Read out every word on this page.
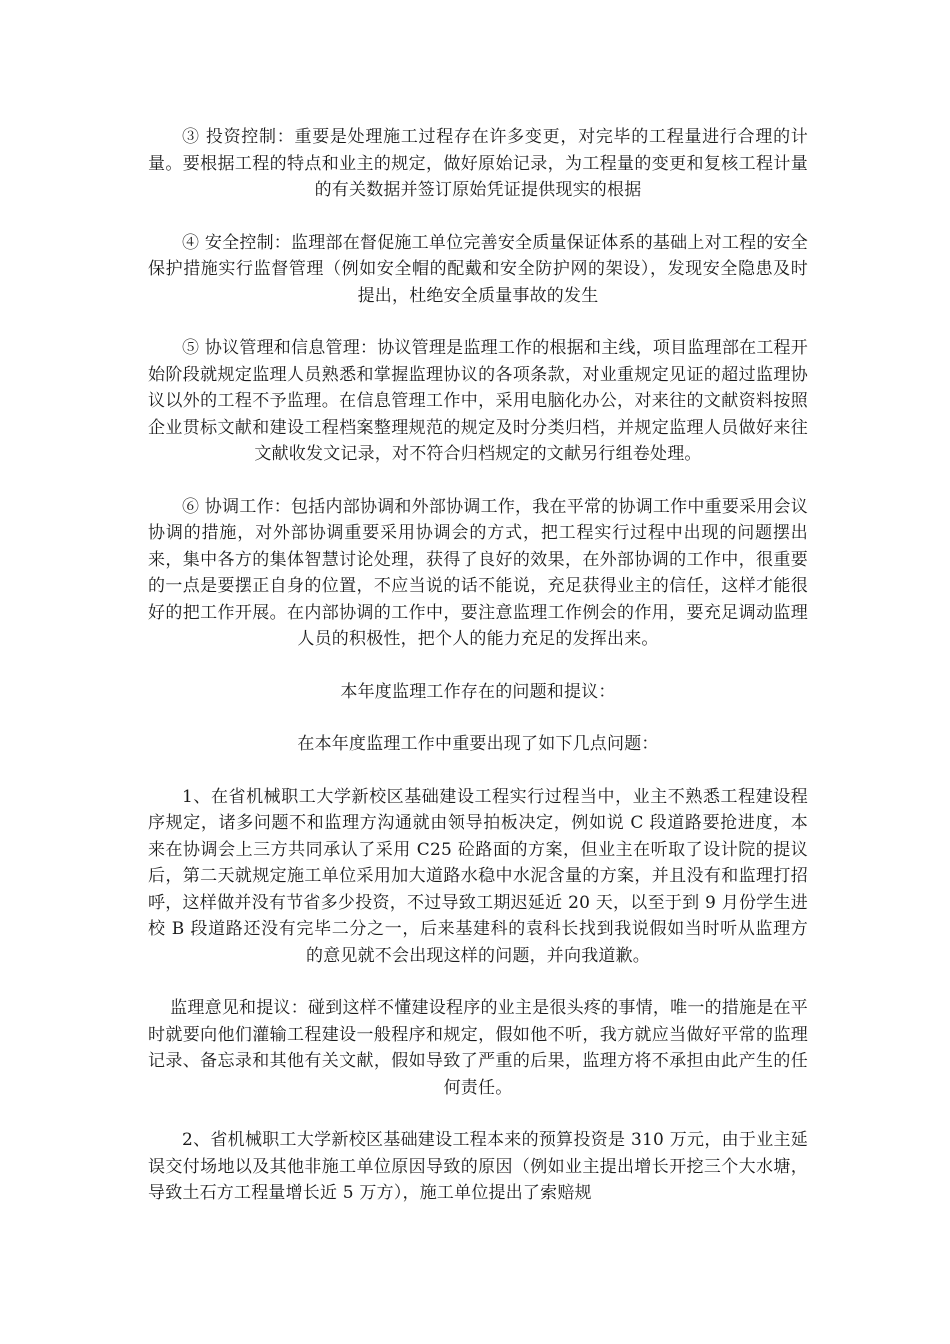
③ 投资控制：重要是处理施工过程存在许多变更，对完毕的工程量进行合理的计量。要根据工程的特点和业主的规定，做好原始记录，为工程量的变更和复核工程计量的有关数据并签订原始凭证提供现实的根据

④ 安全控制：监理部在督促施工单位完善安全质量保证体系的基础上对工程的安全保护措施实行监督管理（例如安全帽的配戴和安全防护网的架设），发现安全隐患及时提出，杜绝安全质量事故的发生

⑤ 协议管理和信息管理：协议管理是监理工作的根据和主线，项目监理部在工程开始阶段就规定监理人员熟悉和掌握监理协议的各项条款，对业重规定见证的超过监理协议以外的工程不予监理。在信息管理工作中，采用电脑化办公，对来往的文献资料按照企业贯标文献和建设工程档案整理规范的规定及时分类归档，并规定监理人员做好来往文献收发文记录，对不符合归档规定的文献另行组卷处理。

⑥ 协调工作：包括内部协调和外部协调工作，我在平常的协调工作中重要采用会议协调的措施，对外部协调重要采用协调会的方式，把工程实行过程中出现的问题摆出来，集中各方的集体智慧讨论处理，获得了良好的效果，在外部协调的工作中，很重要的一点是要摆正自身的位置，不应当说的话不能说，充足获得业主的信任，这样才能很好的把工作开展。在内部协调的工作中，要注意监理工作例会的作用，要充足调动监理人员的积极性，把个人的能力充足的发挥出来。

本年度监理工作存在的问题和提议：

在本年度监理工作中重要出现了如下几点问题：

1、在省机械职工大学新校区基础建设工程实行过程当中，业主不熟悉工程建设程序规定，诸多问题不和监理方沟通就由领导拍板决定，例如说 C 段道路要抢进度，本来在协调会上三方共同承认了采用 C25 砼路面的方案，但业主在听取了设计院的提议后，第二天就规定施工单位采用加大道路水稳中水泥含量的方案，并且没有和监理打招呼，这样做并没有节省多少投资，不过导致工期迟延近 20 天，以至于到 9 月份学生进校 B 段道路还没有完毕二分之一，后来基建科的袁科长找到我说假如当时听从监理方的意见就不会出现这样的问题，并向我道歉。

监理意见和提议：碰到这样不懂建设程序的业主是很头疼的事情，唯一的措施是在平时就要向他们灌输工程建设一般程序和规定，假如他不听，我方就应当做好平常的监理记录、备忘录和其他有关文献，假如导致了严重的后果，监理方将不承担由此产生的任何责任。

2、省机械职工大学新校区基础建设工程本来的预算投资是 310 万元，由于业主延误交付场地以及其他非施工单位原因导致的原因（例如业主提出增长开挖三个大水塘，导致土石方工程量增长近 5 万方），施工单位提出了索赔规
